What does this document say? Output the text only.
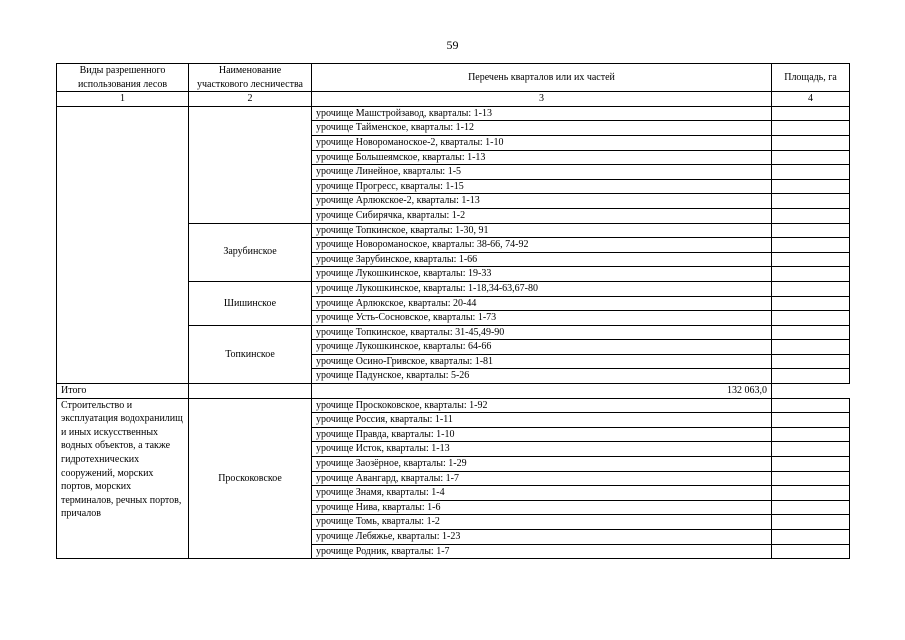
59
Виды разрешенного использования лесов	Наименование участкового лесничества	Перечень кварталов или их частей	Площадь, га
1	2	3	4
		урочище Машстройзавод, кварталы: 1-13	
		урочище Тайменское, кварталы: 1-12	
		урочище Новороманоское-2, кварталы: 1-10	
		урочище Большеямское, кварталы: 1-13	
		урочище Линейное, кварталы: 1-5	
		урочище Прогресс, кварталы: 1-15	
		урочище Арлюкское-2, кварталы: 1-13	
		урочище Сибирячка, кварталы: 1-2	
	Зарубинское	урочище Топкинское, кварталы: 1-30, 91	
		урочище Новороманоское, кварталы: 38-66, 74-92	
		урочище Зарубинское, кварталы: 1-66	
		урочище Лукошкинское, кварталы: 19-33	
	Шишинское	урочище Лукошкинское, кварталы: 1-18,34-63,67-80	
		урочище Арлюкское, кварталы: 20-44	
		урочище Усть-Сосновское, кварталы: 1-73	
	Топкинское	урочище Топкинское, кварталы: 31-45,49-90	
		урочище Лукошкинское, кварталы: 64-66	
		урочище Осино-Гривское, кварталы: 1-81	
		урочище Падунское, кварталы: 5-26	
Итого		132 063,0	
Строительство и эксплуатация водохранилищ и иных искусственных водных объектов, а также гидротехнических сооружений, морских портов, морских терминалов, речных портов, причалов	Проскоковское	урочище Проскоковское, кварталы: 1-92	
		урочище Россия, кварталы: 1-11	
		урочище Правда, кварталы: 1-10	
		урочище Исток, кварталы: 1-13	
		урочище Заозёрное, кварталы: 1-29	
		урочище Авангард, кварталы: 1-7	
		урочище Знамя, кварталы: 1-4	
		урочище Нива, кварталы: 1-6	
		урочище Томь, кварталы: 1-2	
		урочище Лебяжье, кварталы: 1-23	
		урочище Родник, кварталы: 1-7	
